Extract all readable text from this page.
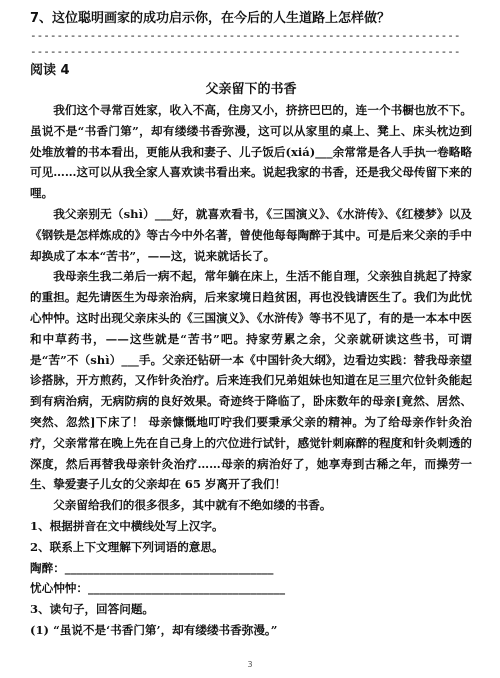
7、这位聪明画家的成功启示你，在今后的人生道路上怎样做？

-----------------------------------------------------------------

-----------------------------------------------------------------

阅读 4

父亲留下的书香

我们这个寻常百姓家，收入不高，住房又小，挤挤巴巴的，连一个书橱也放不下。虽说不是“书香门第”，却有缕缕书香弥漫，这可以从家里的桌上、凳上、床头枕边到处堆放着的书本看出，更能从我和妻子、儿子饭后(xiá)___余常常是各人手执一卷略略可见……这可以从我全家人喜欢读书看出来。说起我家的书香，还是我父母传留下来的哩。

我父亲别无（shì）___好，就喜欢看书，《三国演义》、《水浒传》、《红楼梦》以及《钢铁是怎样炼成的》等古今中外名著，曾使他每每陶醉于其中。可是后来父亲的手中却换成了本本“苦书”，——这，说来就话长了。

我母亲生我二弟后一病不起，常年躺在床上，生活不能自理，父亲独自挑起了持家的重担。起先请医生为母亲治病，后来家境日趋贫困，再也没钱请医生了。我们为此忧心忡忡。这时出现父亲床头的《三国演义》、《水浒传》等书不见了，有的是一本本中医和中草药书，——这些就是“苦书”吧。持家劳累之余，父亲就研读这些书，可谓是“苦”不（shì）___手。父亲还钻研一本《中国针灸大纲》，边看边实践：替我母亲望诊搭脉，开方煎药，又作针灸治疗。后来连我们兄弟姐妹也知道在足三里穴位针灸能起到有病治病，无病防病的良好效果。奇迹终于降临了，卧床数年的母亲[竟然、居然、突然、忽然]下床了！ 母亲慷慨地叮咛我们要秉承父亲的精神。为了给母亲作针灸治疗，父亲常常在晚上先在自己身上的穴位进行试针，感觉针刺麻醉的程度和针灸刺透的深度，然后再替我母亲针灸治疗……母亲的病治好了，她享寿到古稀之年，而操劳一生、挚爱妻子儿女的父亲却在 65 岁离开了我们！

父亲留给我们的很多很多，其中就有不绝如缕的书香。

1、根据拼音在文中横线处写上汉字。

2、联系上下文理解下列词语的意思。

陶醉：____________________________________

忧心忡忡：__________________________________

3、读句子，回答问题。

(1) “虽说不是‘书香门第’，却有缕缕书香弥漫。”

3
